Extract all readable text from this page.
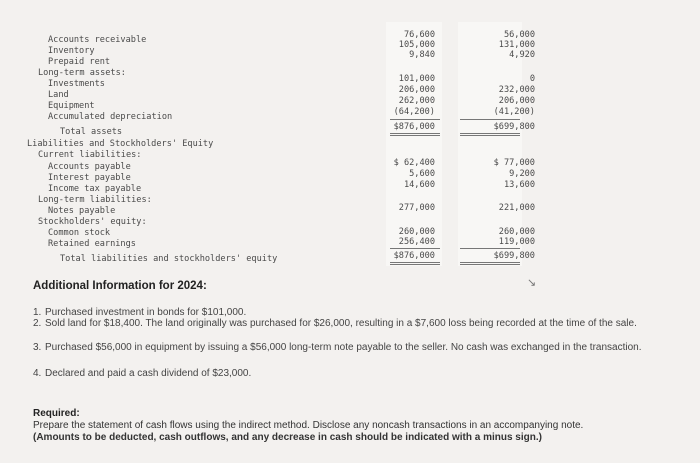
Accounts receivable
Inventory
Prepaid rent
Long-term assets:
Investments
Land
Equipment
Accumulated depreciation
Total assets
Liabilities and Stockholders' Equity
Current liabilities:
Accounts payable
Interest payable
Income tax payable
Long-term liabilities:
Notes payable
Stockholders' equity:
Common stock
Retained earnings
Total liabilities and stockholders' equity
76,600
105,000
9,840
101,000
206,000
262,000
(64,200)
$876,000
$ 62,400
5,600
14,600
277,000
260,000
256,400
$876,000
56,000
131,000
4,920
0
232,000
206,000
(41,200)
$699,800
$ 77,000
9,200
13,600
221,000
260,000
119,000
$699,800
↘
Additional Information for 2024:
1. Purchased investment in bonds for $101,000.
2. Sold land for $18,400. The land originally was purchased for $26,000, resulting in a $7,600 loss being recorded at the time of the sale.
3. Purchased $56,000 in equipment by issuing a $56,000 long-term note payable to the seller. No cash was exchanged in the transaction.
4. Declared and paid a cash dividend of $23,000.
Required:
Prepare the statement of cash flows using the indirect method. Disclose any noncash transactions in an accompanying note.
(Amounts to be deducted, cash outflows, and any decrease in cash should be indicated with a minus sign.)
